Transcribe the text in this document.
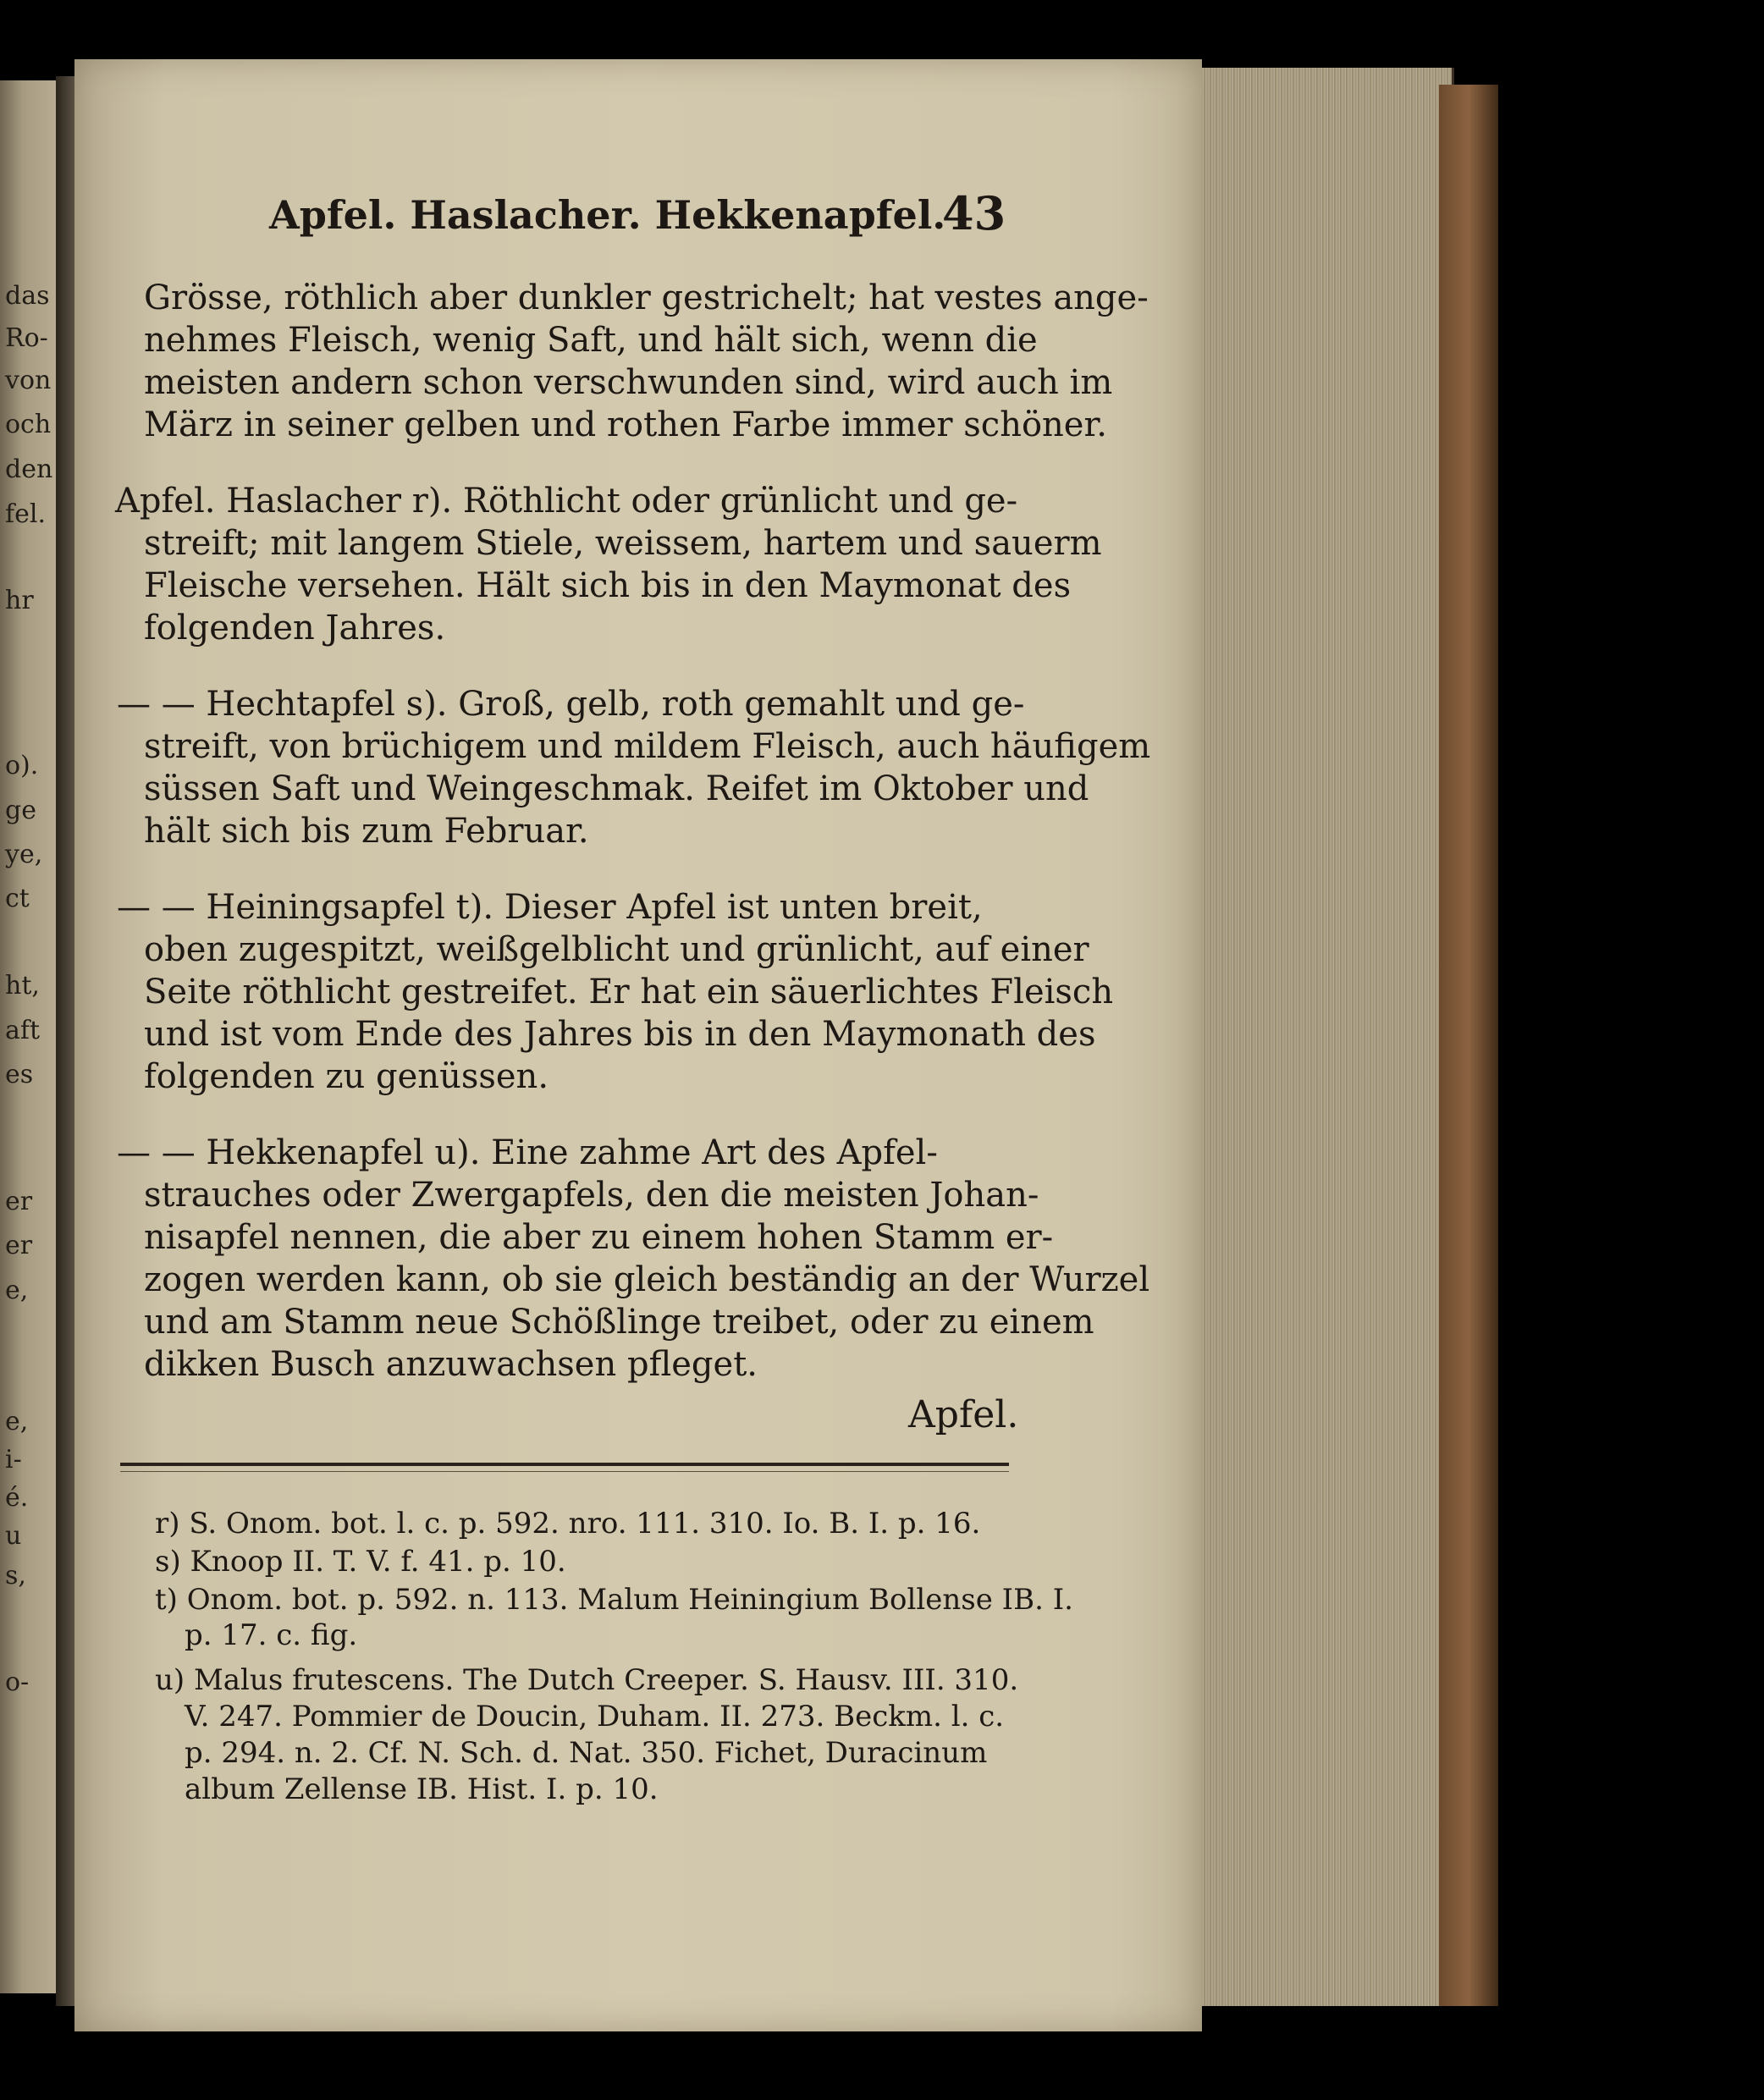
das
Ro-
von
och
den
fel.
hr
o).
ge
ye,
ct
ht,
aft
es
er
er
e,
e,
i-
é.
u
s,
o-
Apfel. Haslacher. Hekkenapfel.
43
Grösse, röthlich aber dunkler gestrichelt; hat vestes ange-
nehmes Fleisch, wenig Saft, und hält sich, wenn die
meisten andern schon verschwunden sind, wird auch im
März in seiner gelben und rothen Farbe immer schöner.
Apfel. Haslacher r). Röthlicht oder grünlicht und ge-
streift; mit langem Stiele, weissem, hartem und sauerm
Fleische versehen. Hält sich bis in den Maymonat des
folgenden Jahres.
— — Hechtapfel s). Groß, gelb, roth gemahlt und ge-
streift, von brüchigem und mildem Fleisch, auch häufigem
süssen Saft und Weingeschmak. Reifet im Oktober und
hält sich bis zum Februar.
— — Heiningsapfel t). Dieser Apfel ist unten breit,
oben zugespitzt, weißgelblicht und grünlicht, auf einer
Seite röthlicht gestreifet. Er hat ein säuerlichtes Fleisch
und ist vom Ende des Jahres bis in den Maymonath des
folgenden zu genüssen.
— — Hekkenapfel u). Eine zahme Art des Apfel-
strauches oder Zwergapfels, den die meisten Johan-
nisapfel nennen, die aber zu einem hohen Stamm er-
zogen werden kann, ob sie gleich beständig an der Wurzel
und am Stamm neue Schößlinge treibet, oder zu einem
dikken Busch anzuwachsen pfleget.
Apfel.
r) S. Onom. bot. l. c. p. 592. nro. 111. 310. Io. B. I. p. 16.
s) Knoop II. T. V. f. 41. p. 10.
t) Onom. bot. p. 592. n. 113. Malum Heiningium Bollense IB. I.
p. 17. c. fig.
u) Malus frutescens. The Dutch Creeper. S. Hausv. III. 310.
V. 247. Pommier de Doucin, Duham. II. 273. Beckm. l. c.
p. 294. n. 2. Cf. N. Sch. d. Nat. 350. Fichet, Duracinum
album Zellense IB. Hist. I. p. 10.
